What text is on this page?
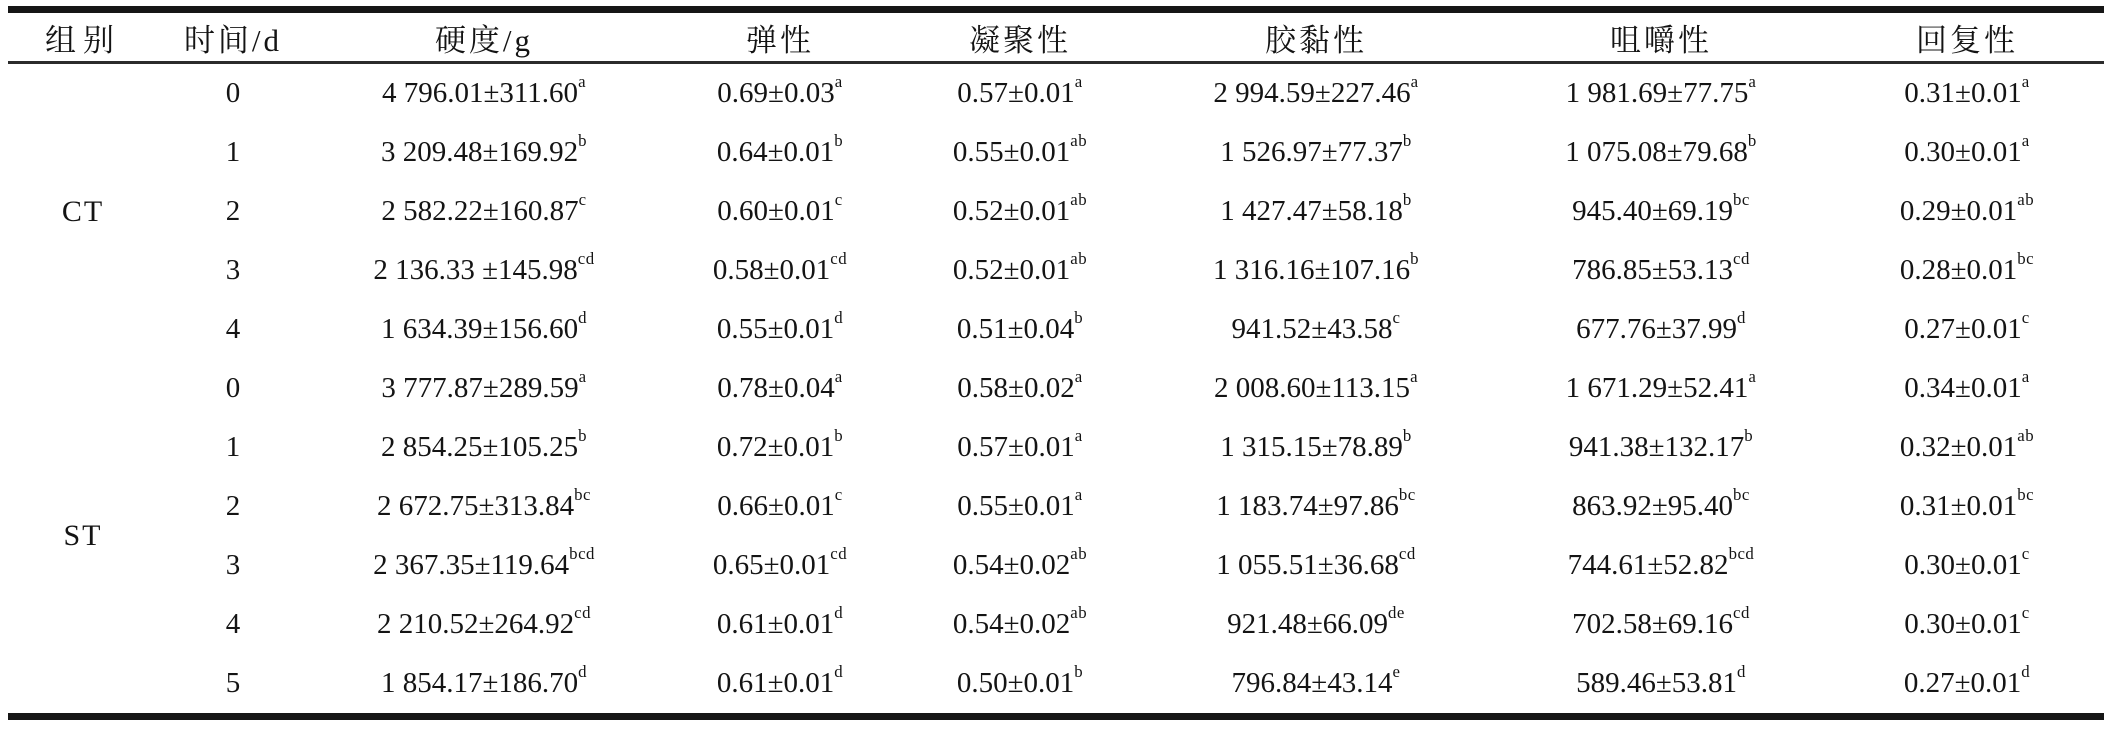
组别	时间/d	硬度/g	弹性	凝聚性	胶黏性	咀嚼性	回复性
CT	0	4 796.01±311.60$^a$	0.69±0.03$^a$	0.57±0.01$^a$	2 994.59±227.46$^a$	1 981.69±77.75$^a$	0.31±0.01$^a$
	1	3 209.48±169.92$^b$	0.64±0.01$^b$	0.55±0.01$^{ab}$	1 526.97±77.37$^b$	1 075.08±79.68$^b$	0.30±0.01$^a$
	2	2 582.22±160.87$^c$	0.60±0.01$^c$	0.52±0.01$^{ab}$	1 427.47±58.18$^b$	945.40±69.19$^{bc}$	0.29±0.01$^{ab}$
	3	2 136.33 ±145.98$^{cd}$	0.58±0.01$^{cd}$	0.52±0.01$^{ab}$	1 316.16±107.16$^b$	786.85±53.13$^{cd}$	0.28±0.01$^{bc}$
	4	1 634.39±156.60$^d$	0.55±0.01$^d$	0.51±0.04$^b$	941.52±43.58$^c$	677.76±37.99$^d$	0.27±0.01$^c$
ST	0	3 777.87±289.59$^a$	0.78±0.04$^a$	0.58±0.02$^a$	2 008.60±113.15$^a$	1 671.29±52.41$^a$	0.34±0.01$^a$
	1	2 854.25±105.25$^b$	0.72±0.01$^b$	0.57±0.01$^a$	1 315.15±78.89$^b$	941.38±132.17$^b$	0.32±0.01$^{ab}$
	2	2 672.75±313.84$^{bc}$	0.66±0.01$^c$	0.55±0.01$^a$	1 183.74±97.86$^{bc}$	863.92±95.40$^{bc}$	0.31±0.01$^{bc}$
	3	2 367.35±119.64$^{bcd}$	0.65±0.01$^{cd}$	0.54±0.02$^{ab}$	1 055.51±36.68$^{cd}$	744.61±52.82$^{bcd}$	0.30±0.01$^c$
	4	2 210.52±264.92$^{cd}$	0.61±0.01$^d$	0.54±0.02$^{ab}$	921.48±66.09de	702.58±69.16$^{cd}$	0.30±0.01$^c$
	5	1 854.17±186.70$^d$	0.61±0.01$^d$	0.50±0.01$^b$	796.84±43.14$^e$	589.46±53.81$^d$	0.27±0.01$^d$
